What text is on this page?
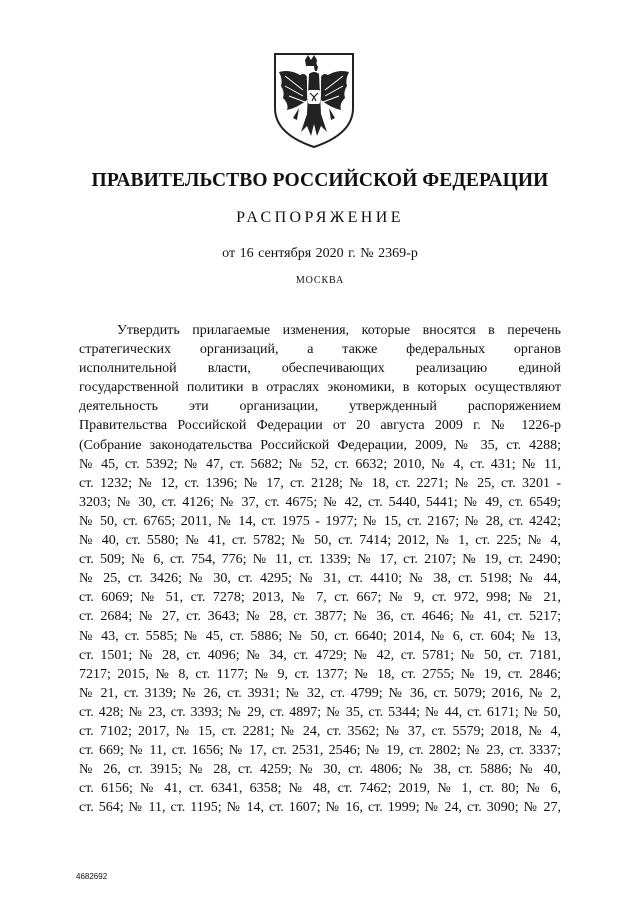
ПРАВИТЕЛЬСТВО РОССИЙСКОЙ ФЕДЕРАЦИИ
РАСПОРЯЖЕНИЕ
от 16 сентября 2020 г. № 2369-р
МОСКВА
Утвердить прилагаемые изменения, которые вносятся в перечень
стратегических организаций, а также федеральных органов
исполнительной власти, обеспечивающих реализацию единой
государственной политики в отраслях экономики, в которых осуществляют
деятельность эти организации, утвержденный распоряжением
Правительства Российской Федерации от 20 августа 2009 г. № 1226-р
(Собрание законодательства Российской Федерации, 2009, № 35, ст. 4288;
№ 45, ст. 5392; № 47, ст. 5682; № 52, ст. 6632; 2010, № 4, ст. 431; № 11,
ст. 1232; № 12, ст. 1396; № 17, ст. 2128; № 18, ст. 2271; № 25, ст. 3201 -
3203; № 30, ст. 4126; № 37, ст. 4675; № 42, ст. 5440, 5441; № 49, ст. 6549;
№ 50, ст. 6765; 2011, № 14, ст. 1975 - 1977; № 15, ст. 2167; № 28, ст. 4242;
№ 40, ст. 5580; № 41, ст. 5782; № 50, ст. 7414; 2012, № 1, ст. 225; № 4,
ст. 509; № 6, ст. 754, 776; № 11, ст. 1339; № 17, ст. 2107; № 19, ст. 2490;
№ 25, ст. 3426; № 30, ст. 4295; № 31, ст. 4410; № 38, ст. 5198; № 44,
ст. 6069; № 51, ст. 7278; 2013, № 7, ст. 667; № 9, ст. 972, 998; № 21,
ст. 2684; № 27, ст. 3643; № 28, ст. 3877; № 36, ст. 4646; № 41, ст. 5217;
№ 43, ст. 5585; № 45, ст. 5886; № 50, ст. 6640; 2014, № 6, ст. 604; № 13,
ст. 1501; № 28, ст. 4096; № 34, ст. 4729; № 42, ст. 5781; № 50, ст. 7181,
7217; 2015, № 8, ст. 1177; № 9, ст. 1377; № 18, ст. 2755; № 19, ст. 2846;
№ 21, ст. 3139; № 26, ст. 3931; № 32, ст. 4799; № 36, ст. 5079; 2016, № 2,
ст. 428; № 23, ст. 3393; № 29, ст. 4897; № 35, ст. 5344; № 44, ст. 6171; № 50,
ст. 7102; 2017, № 15, ст. 2281; № 24, ст. 3562; № 37, ст. 5579; 2018, № 4,
ст. 669; № 11, ст. 1656; № 17, ст. 2531, 2546; № 19, ст. 2802; № 23, ст. 3337;
№ 26, ст. 3915; № 28, ст. 4259; № 30, ст. 4806; № 38, ст. 5886; № 40,
ст. 6156; № 41, ст. 6341, 6358; № 48, ст. 7462; 2019, № 1, ст. 80; № 6,
ст. 564; № 11, ст. 1195; № 14, ст. 1607; № 16, ст. 1999; № 24, ст. 3090; № 27,
4682692
